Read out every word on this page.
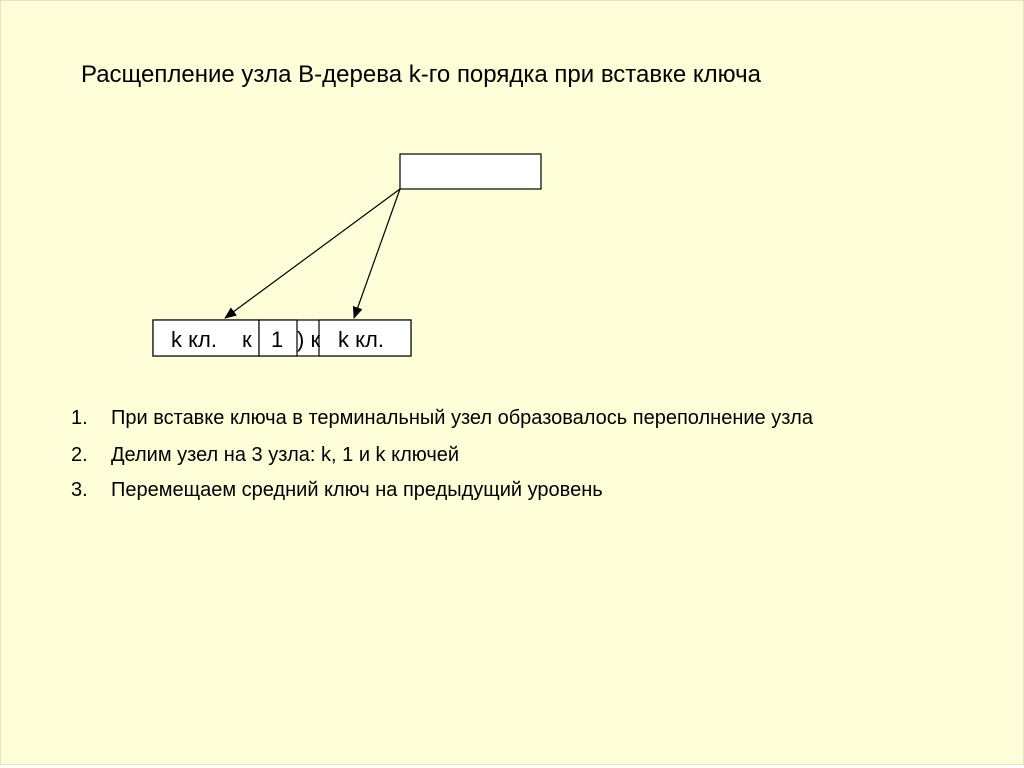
Расщепление узла B-дерева k-го порядка при вставке ключа
k кл. к ) к k кл.
1
1.	При вставке ключа в терминальный узел образовалось переполнение узла
2.	Делим узел на 3 узла: k, 1 и k ключей
3.	Перемещаем средний ключ на предыдущий уровень
